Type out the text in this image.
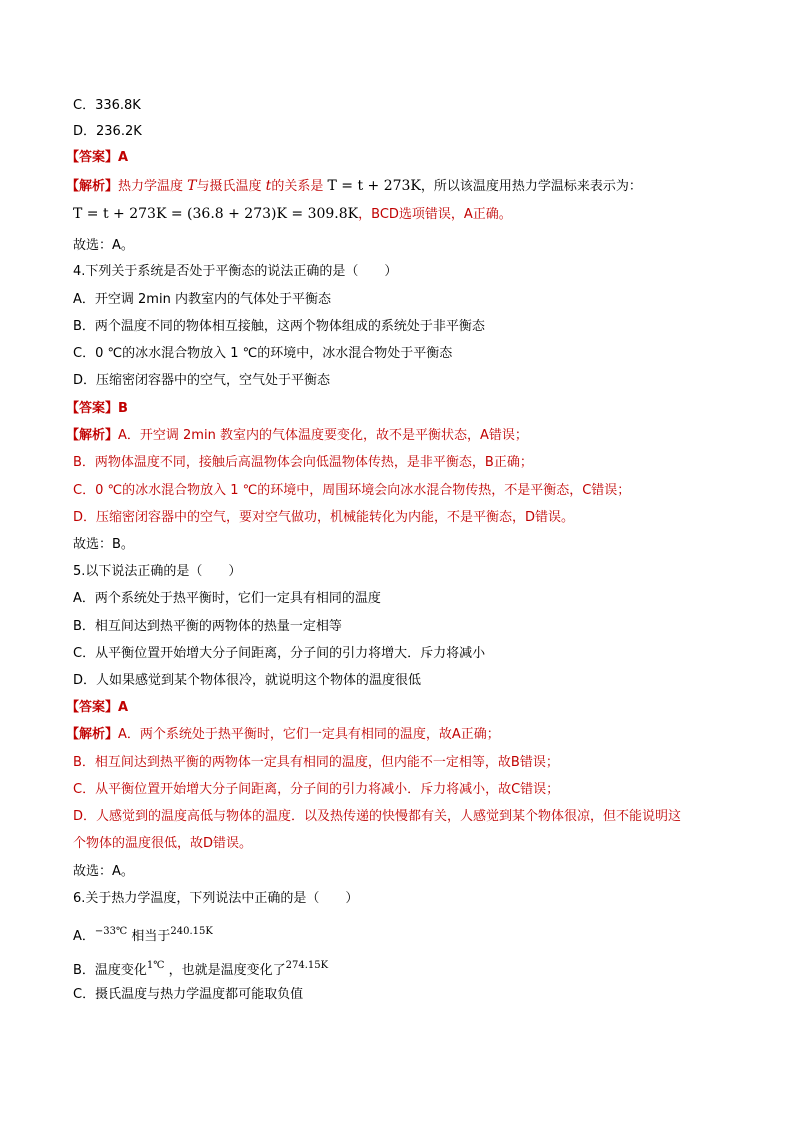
C．336.8K
D．236.2K
【答案】A
【解析】热力学温度 T与摄氏温度 t的关系是 T = t + 273K，所以该温度用热力学温标来表示为：
T = t + 273K = (36.8 + 273)K = 309.8K，BCD选项错误，A正确。
故选：A。
4.下列关于系统是否处于平衡态的说法正确的是（　　）
A．开空调 2min 内教室内的气体处于平衡态
B．两个温度不同的物体相互接触，这两个物体组成的系统处于非平衡态
C．0 ℃的冰水混合物放入 1 ℃的环境中，冰水混合物处于平衡态
D．压缩密闭容器中的空气，空气处于平衡态
【答案】B
【解析】A．开空调 2min 教室内的气体温度要变化，故不是平衡状态，A错误；
B．两物体温度不同，接触后高温物体会向低温物体传热，是非平衡态，B正确；
C．0 ℃的冰水混合物放入 1 ℃的环境中，周围环境会向冰水混合物传热，不是平衡态，C错误；
D．压缩密闭容器中的空气，要对空气做功，机械能转化为内能，不是平衡态，D错误。
故选：B。
5.以下说法正确的是（　　）
A．两个系统处于热平衡时，它们一定具有相同的温度
B．相互间达到热平衡的两物体的热量一定相等
C．从平衡位置开始增大分子间距离，分子间的引力将增大．斥力将减小
D．人如果感觉到某个物体很冷，就说明这个物体的温度很低
【答案】A
【解析】A．两个系统处于热平衡时，它们一定具有相同的温度，故A正确；
B．相互间达到热平衡的两物体一定具有相同的温度，但内能不一定相等，故B错误；
C．从平衡位置开始增大分子间距离，分子间的引力将减小．斥力将减小，故C错误；
D．人感觉到的温度高低与物体的温度．以及热传递的快慢都有关，人感觉到某个物体很凉，但不能说明这
个物体的温度很低，故D错误。
故选：A。
6.关于热力学温度，下列说法中正确的是（　　）
A．$^{-33℃}$ 相当于$^{240.15K}$
B．温度变化$^{1℃}$ ，也就是温度变化了$^{274.15K}$
C．摄氏温度与热力学温度都可能取负值
